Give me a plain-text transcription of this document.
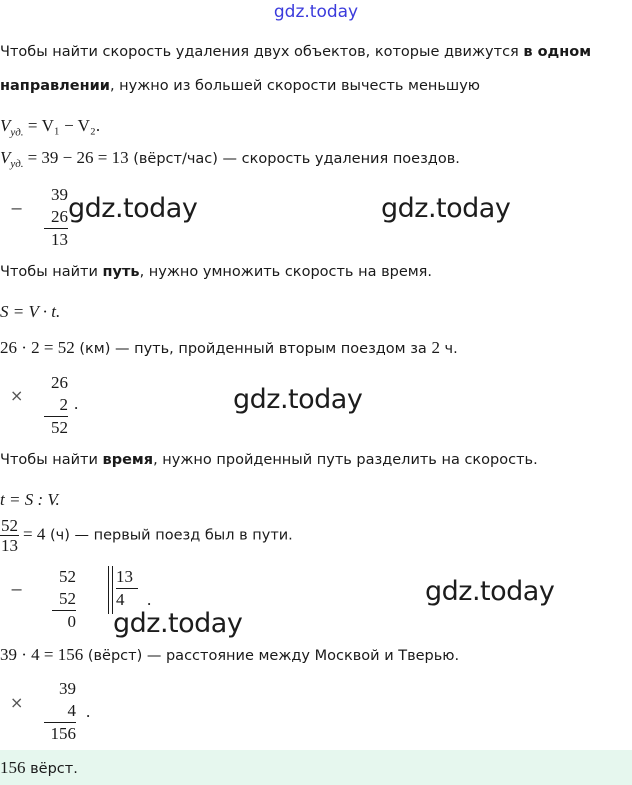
gdz.today
Чтобы найти скорость удаления двух объектов, которые движутся в одном
направлении, нужно из большей скорости вычесть меньшую
$V_{уд.} = V_1 - V_2$.
$V_{уд.} = 39 - 26 = 13$ (вёрст/час) — скорость удаления поездов.
−
39
26
13
gdz.today	gdz.today
Чтобы найти путь, нужно умножить скорость на время.
S = V · t.
26 · 2 = 52 (км) — путь, пройденный вторым поездом за 2 ч.
×
26
2
52
.	gdz.today
Чтобы найти время, нужно пройденный путь разделить на скорость.
t = S : V.
$\frac{52}{13} = 4$ (ч) — первый поезд был в пути.
−
52
52
0
13
4	.	gdz.today
gdz.today
39 · 4 = 156 (вёрст) — расстояние между Москвой и Тверью.
×
39
4
156
.
156 вёрст.
